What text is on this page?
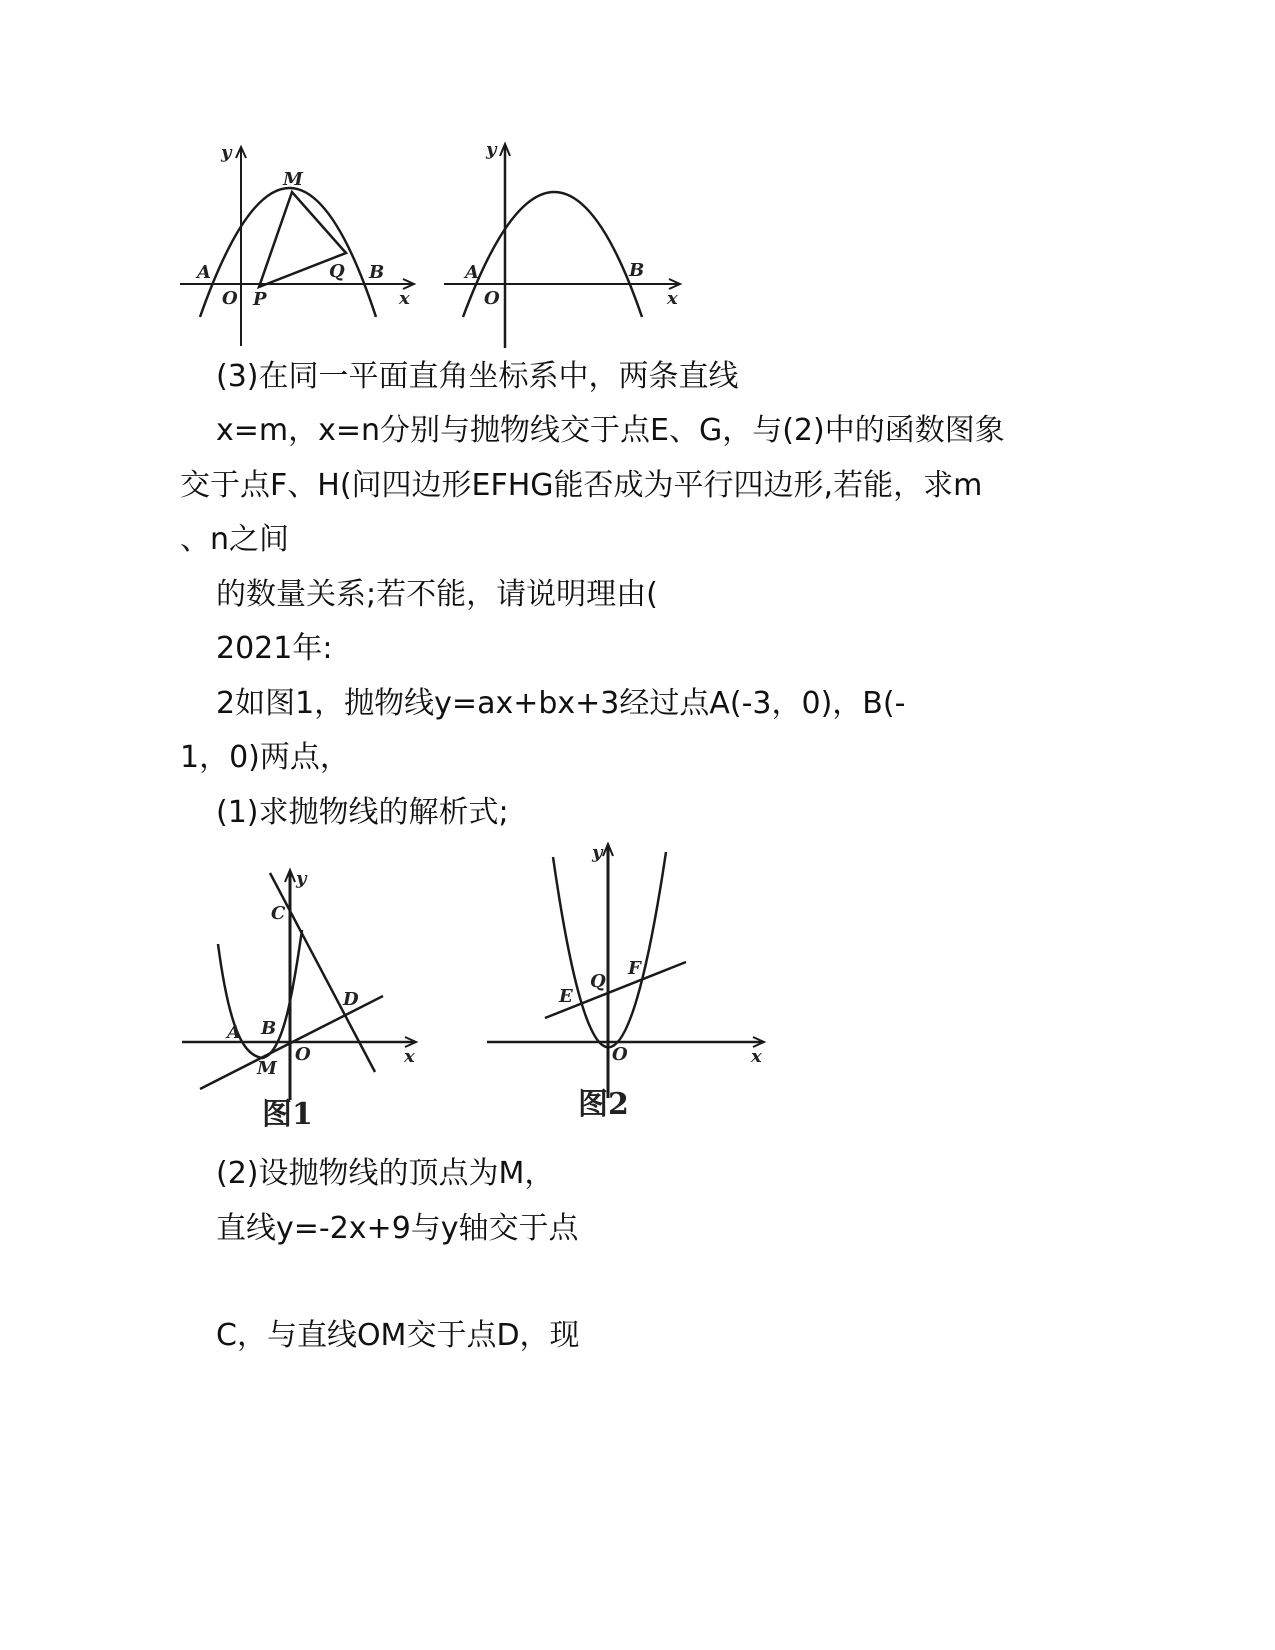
y
M
A
O P
Q B
x
y
A
O
B
x
(3)在同一平面直角坐标系中，两条直线
x=m，x=n分别与抛物线交于点E、G，与(2)中的函数图象
交于点F、H(问四边形EFHG能否成为平行四边形,若能，求m
、n之间
的数量关系;若不能，请说明理由(
2021年:
2如图1，抛物线y=ax+bx+3经过点A(-3，0)，B(-
1，0)两点，
(1)求抛物线的解析式;
y
C
D
A B
O
M
x
图1
y
Q
F
E
O	x
图2
(2)设抛物线的顶点为M，
直线y=-2x+9与y轴交于点
C，与直线OM交于点D，现
